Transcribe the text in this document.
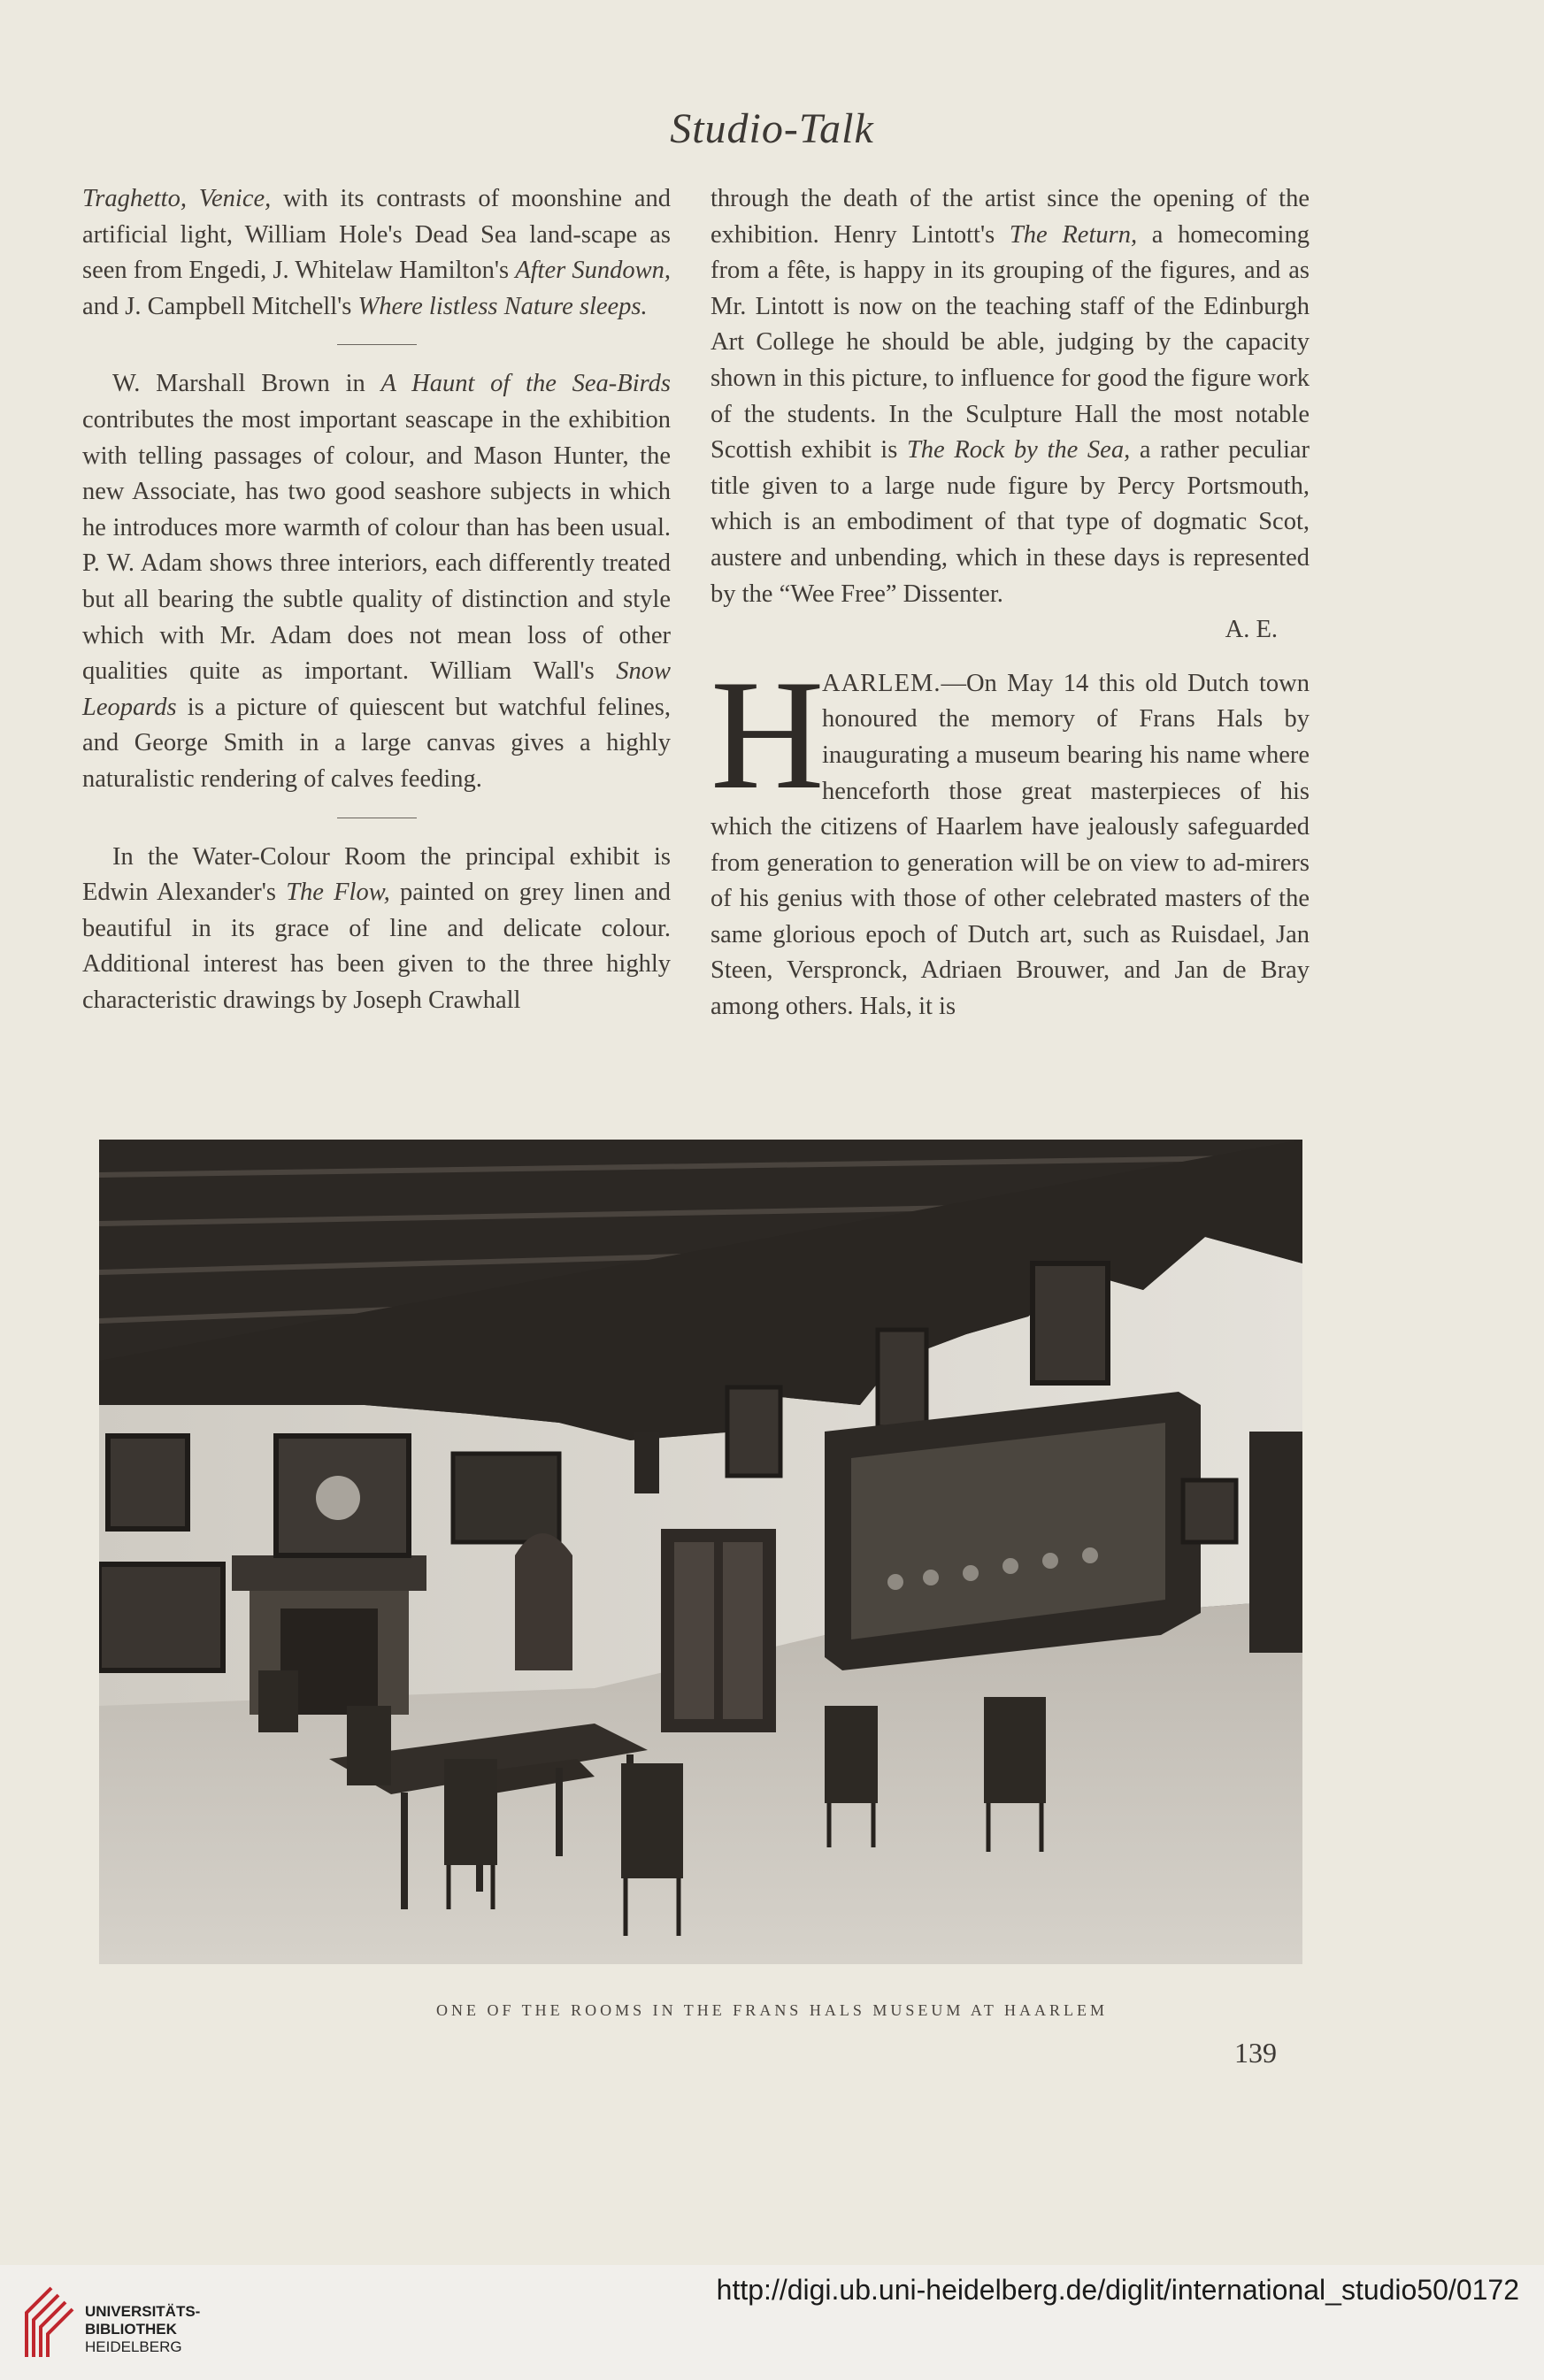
Studio-Talk

Traghetto, Venice, with its contrasts of moonshine and artificial light, William Hole's Dead Sea land-scape as seen from Engedi, J. Whitelaw Hamilton's After Sundown, and J. Campbell Mitchell's Where listless Nature sleeps.

W. Marshall Brown in A Haunt of the Sea-Birds contributes the most important seascape in the exhibition with telling passages of colour, and Mason Hunter, the new Associate, has two good seashore subjects in which he introduces more warmth of colour than has been usual. P. W. Adam shows three interiors, each differently treated but all bearing the subtle quality of distinction and style which with Mr. Adam does not mean loss of other qualities quite as important. William Wall's Snow Leopards is a picture of quiescent but watchful felines, and George Smith in a large canvas gives a highly naturalistic rendering of calves feeding.

In the Water-Colour Room the principal exhibit is Edwin Alexander's The Flow, painted on grey linen and beautiful in its grace of line and delicate colour. Additional interest has been given to the three highly characteristic drawings by Joseph Crawhall

through the death of the artist since the opening of the exhibition. Henry Lintott's The Return, a homecoming from a fête, is happy in its grouping of the figures, and as Mr. Lintott is now on the teaching staff of the Edinburgh Art College he should be able, judging by the capacity shown in this picture, to influence for good the figure work of the students. In the Sculpture Hall the most notable Scottish exhibit is The Rock by the Sea, a rather peculiar title given to a large nude figure by Percy Portsmouth, which is an embodiment of that type of dogmatic Scot, austere and unbending, which in these days is represented by the “Wee Free” Dissenter.

A. E.

H
AARLEM.—On May 14 this old Dutch town honoured the memory of Frans Hals by inaugurating a museum bearing his name where henceforth those great masterpieces of his which the citizens of Haarlem have jealously safeguarded from generation to generation will be on view to ad-mirers of his genius with those of other celebrated masters of the same glorious epoch of Dutch art, such as Ruisdael, Jan Steen, Verspronck, Adriaen Brouwer, and Jan de Bray among others. Hals, it is

ONE OF THE ROOMS IN THE FRANS HALS MUSEUM AT HAARLEM
139
UNIVERSITÄTS-
BIBLIOTHEK
HEIDELBERG
http://digi.ub.uni-heidelberg.de/diglit/international_studio50/0172
